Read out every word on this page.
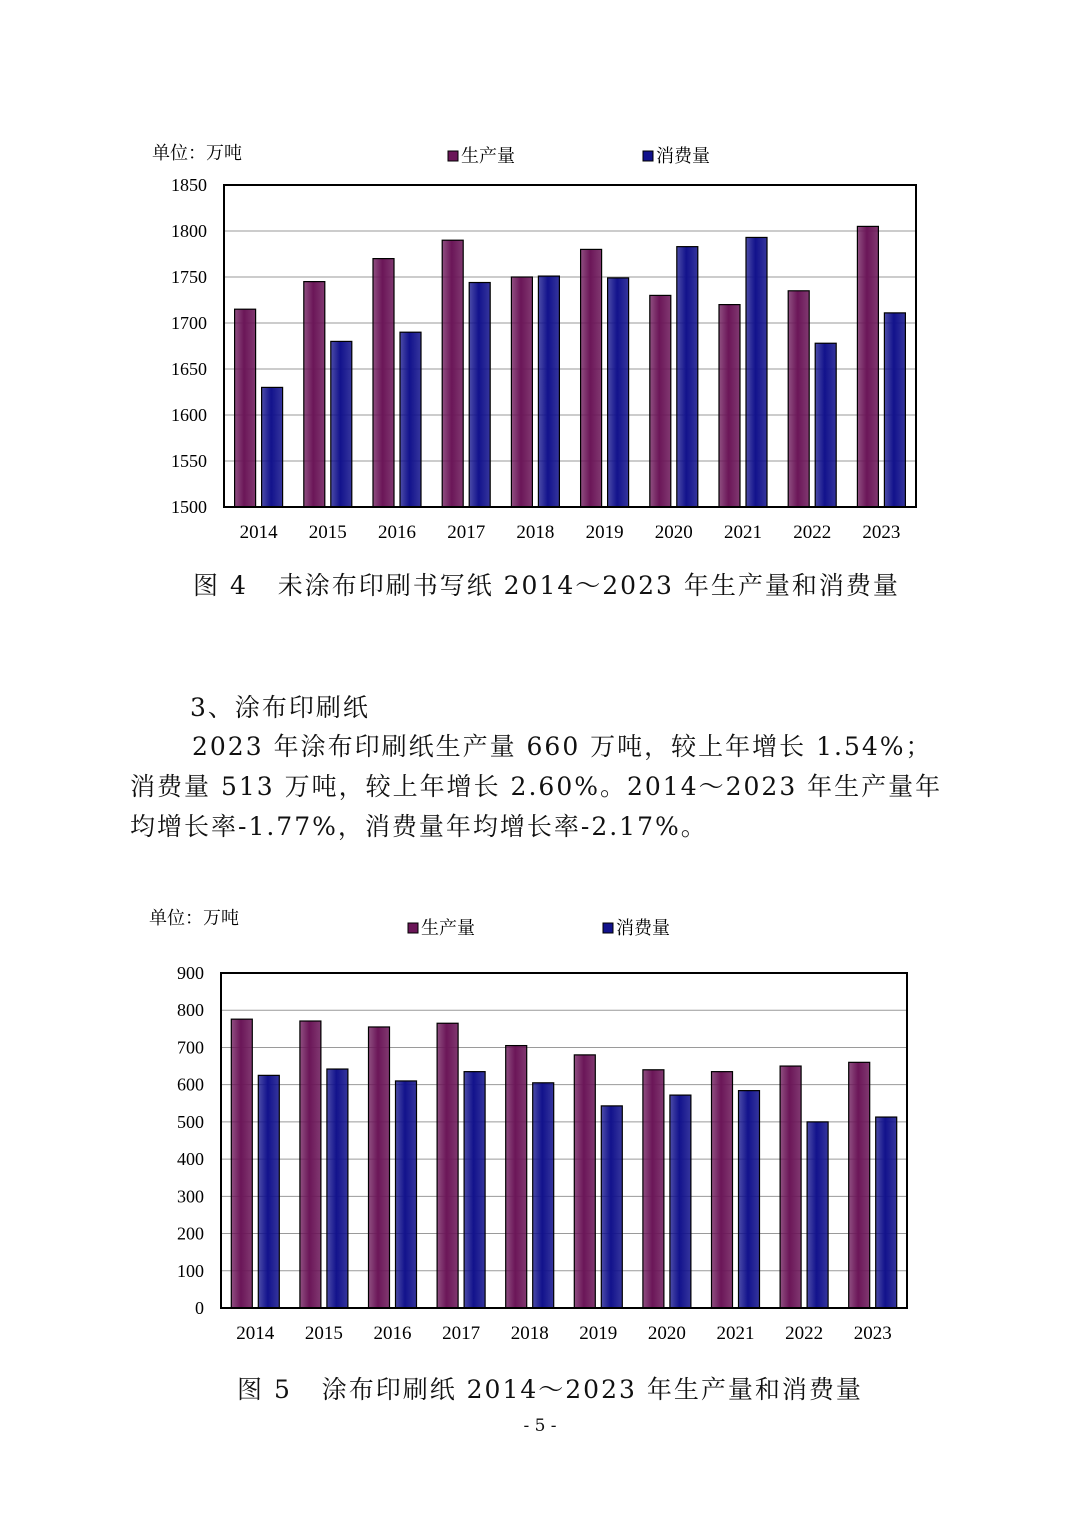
单位：万吨	生产量	消费量
1500
1550
1600
1650
1700
1750
1800
1850
2014 2015 2016 2017 2018 2019 2020 2021 2022 2023
图 4   未涂布印刷书写纸 2014～2023 年生产量和消费量
3、涂布印刷纸
2023 年涂布印刷纸生产量 660 万吨，较上年增长 1.54%；消费量 513 万吨，较上年增长 2.60%。2014～2023 年生产量年均增长率-1.77%，消费量年均增长率-2.17%。
单位：万吨	生产量	消费量
0
100
200
300
400
500
600
700
800
900
2014 2015 2016 2017 2018 2019 2020 2021 2022 2023
图 5   涂布印刷纸 2014～2023 年生产量和消费量
- 5 -
